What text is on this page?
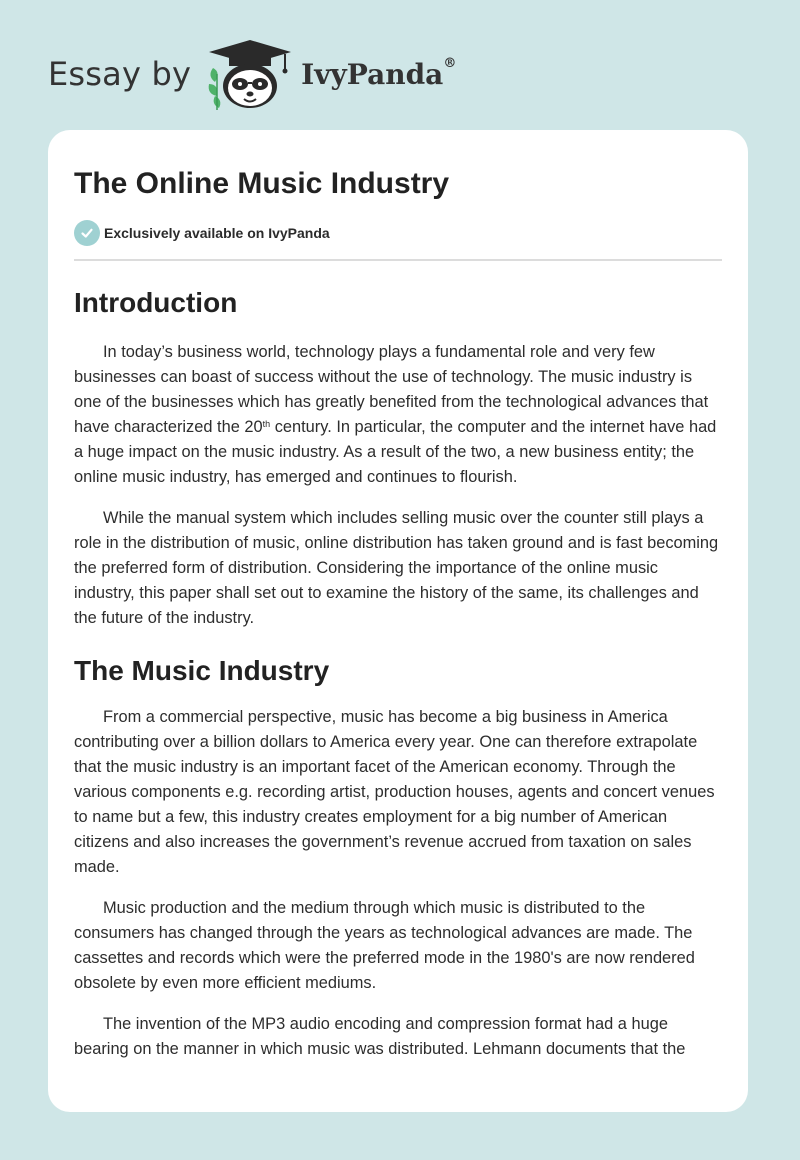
Essay by	IvyPanda®
The Online Music Industry
Exclusively available on IvyPanda
Introduction

In today’s business world, technology plays a fundamental role and very few businesses can boast of success without the use of technology. The music industry is one of the businesses which has greatly benefited from the technological advances that have characterized the 20th century. In particular, the computer and the internet have had a huge impact on the music industry. As a result of the two, a new business entity; the online music industry, has emerged and continues to flourish.

While the manual system which includes selling music over the counter still plays a role in the distribution of music, online distribution has taken ground and is fast becoming the preferred form of distribution. Considering the importance of the online music industry, this paper shall set out to examine the history of the same, its challenges and the future of the industry.

The Music Industry

From a commercial perspective, music has become a big business in America contributing over a billion dollars to America every year. One can therefore extrapolate that the music industry is an important facet of the American economy. Through the various components e.g. recording artist, production houses, agents and concert venues to name but a few, this industry creates employment for a big number of American citizens and also increases the government’s revenue accrued from taxation on sales made.

Music production and the medium through which music is distributed to the consumers has changed through the years as technological advances are made. The cassettes and records which were the preferred mode in the 1980's are now rendered obsolete by even more efficient mediums.

The invention of the MP3 audio encoding and compression format had a huge bearing on the manner in which music was distributed. Lehmann documents that the
